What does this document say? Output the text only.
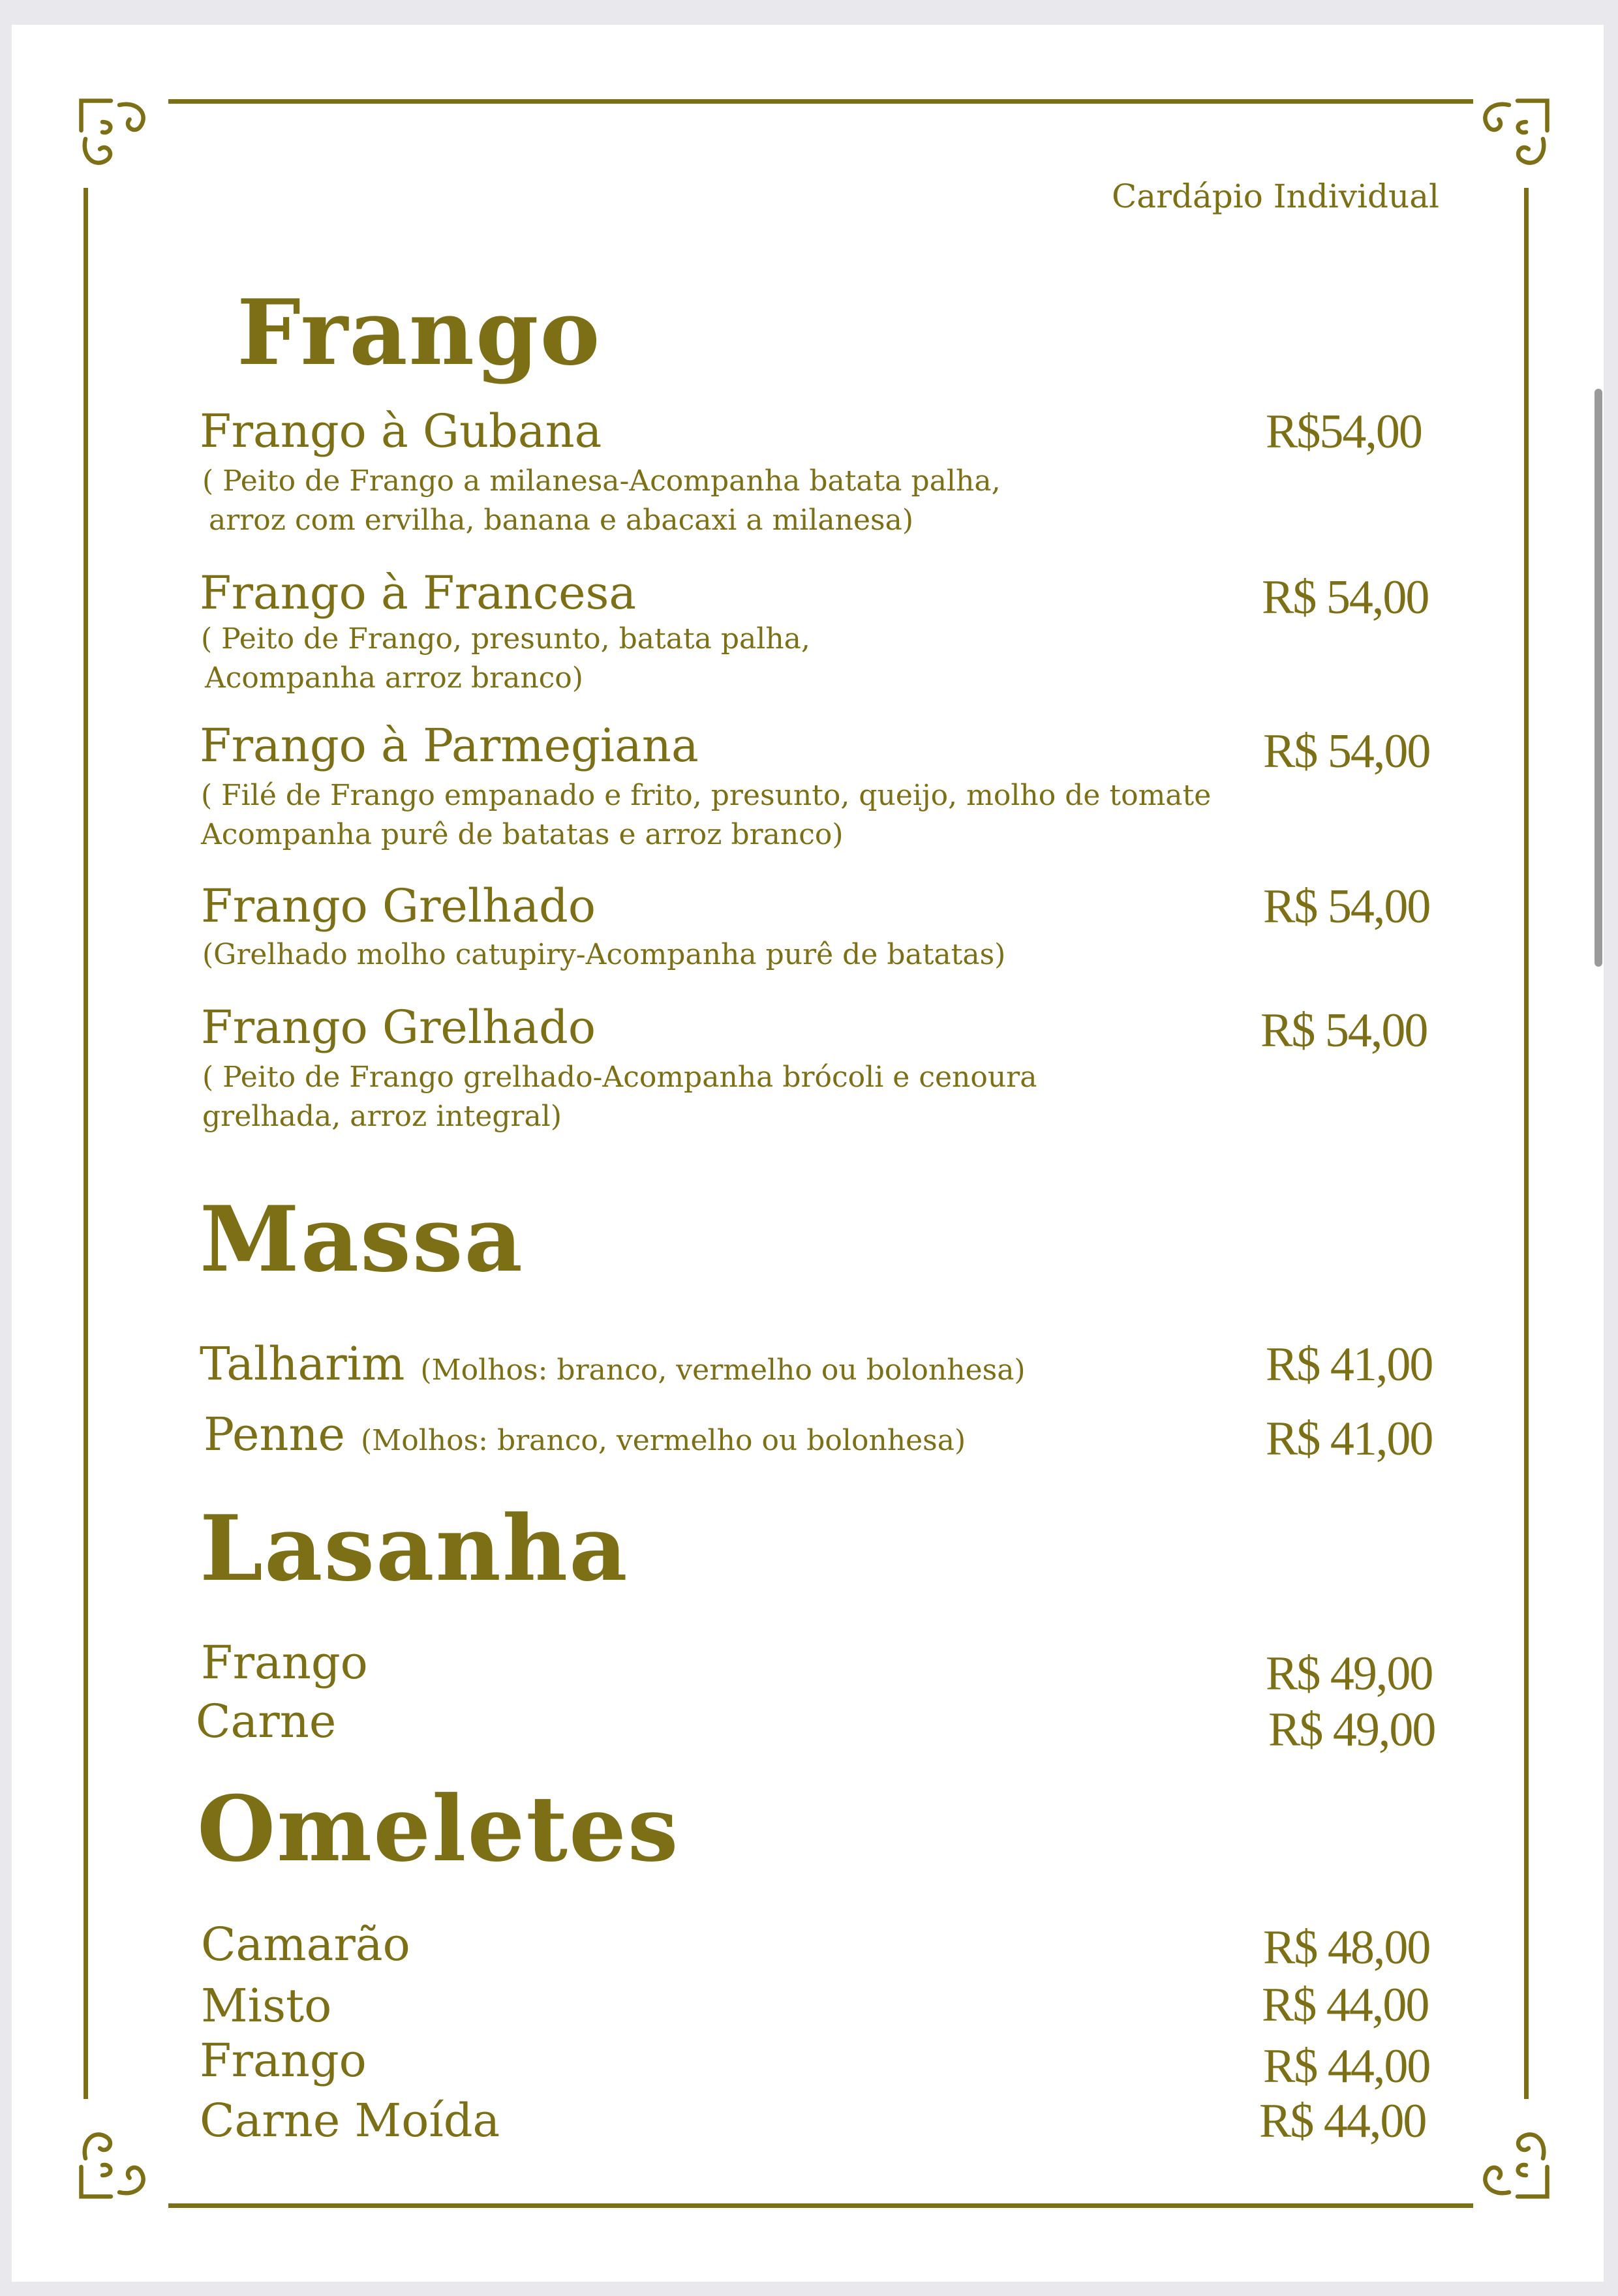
Cardápio Individual
Frango
Frango à Gubana
( Peito de Frango a milanesa-Acompanha batata palha,
arroz com ervilha, banana e abacaxi a milanesa)
R$54,00
Frango à Francesa
( Peito de Frango, presunto, batata palha,
Acompanha arroz branco)
R$ 54,00
Frango à Parmegiana
( Filé de Frango empanado e frito, presunto, queijo, molho de tomate
Acompanha purê de batatas e arroz branco)
R$ 54,00
Frango Grelhado
(Grelhado molho catupiry-Acompanha purê de batatas)
R$ 54,00
Frango Grelhado
( Peito de Frango grelhado-Acompanha brócoli e cenoura
grelhada, arroz integral)
R$ 54,00
Massa
Talharim (Molhos: branco, vermelho ou bolonhesa)	R$ 41,00
Penne (Molhos: branco, vermelho ou bolonhesa)	R$ 41,00
Lasanha
Frango	R$ 49,00
Carne	R$ 49,00
Omeletes
Camarão	R$ 48,00
Misto	R$ 44,00
Frango	R$ 44,00
Carne Moída	R$ 44,00
